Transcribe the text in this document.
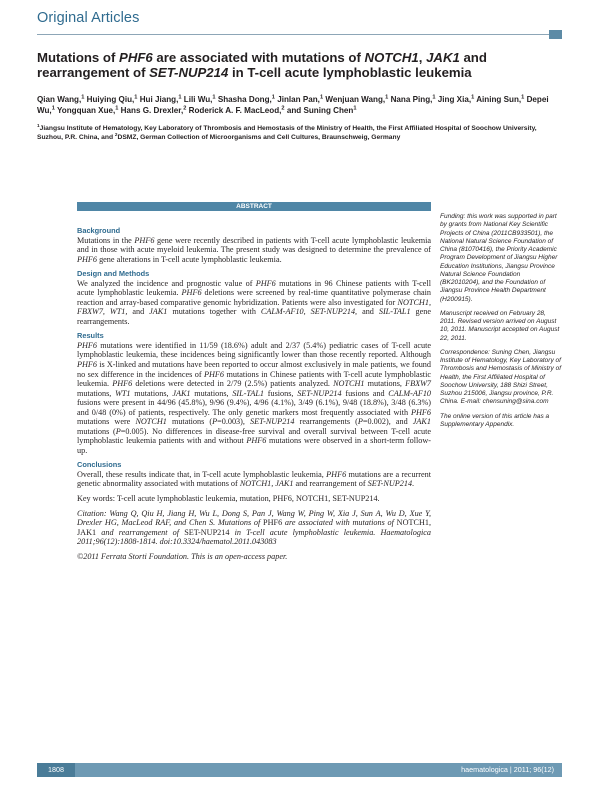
Original Articles
Mutations of PHF6 are associated with mutations of NOTCH1, JAK1 and rearrangement of SET-NUP214 in T-cell acute lymphoblastic leukemia
Qian Wang,$^1$ Huiying Qiu,$^1$ Hui Jiang,$^1$ Lili Wu,$^1$ Shasha Dong,$^1$ Jinlan Pan,$^1$ Wenjuan Wang,$^1$ Nana Ping,$^1$ Jing Xia,$^1$ Aining Sun,$^1$ Depei Wu,$^1$ Yongquan Xue,$^1$ Hans G. Drexler,$^2$ Roderick A. F. MacLeod,$^2$ and Suning Chen$^1$
$^1$Jiangsu Institute of Hematology, Key Laboratory of Thrombosis and Hemostasis of the Ministry of Health, the First Affiliated Hospital of Soochow University, Suzhou, P.R. China, and $^2$DSMZ, German Collection of Microorganisms and Cell Cultures, Braunschweig, Germany
ABSTRACT
Background

Mutations in the PHF6 gene were recently described in patients with T-cell acute lymphoblastic leukemia and in those with acute myeloid leukemia. The present study was designed to determine the prevalence of PHF6 gene alterations in T-cell acute lymphoblastic leukemia.

Design and Methods

We analyzed the incidence and prognostic value of PHF6 mutations in 96 Chinese patients with T-cell acute lymphoblastic leukemia. PHF6 deletions were screened by real-time quantitative polymerase chain reaction and array-based comparative genomic hybridization. Patients were also investigated for NOTCH1, FBXW7, WT1, and JAK1 mutations together with CALM-AF10, SET-NUP214, and SIL-TAL1 gene rearrangements.

Results

PHF6 mutations were identified in 11/59 (18.6%) adult and 2/37 (5.4%) pediatric cases of T-cell acute lymphoblastic leukemia, these incidences being significantly lower than those recently reported. Although PHF6 is X-linked and mutations have been reported to occur almost exclusively in male patients, we found no sex difference in the incidences of PHF6 mutations in Chinese patients with T-cell acute lymphoblastic leukemia. PHF6 deletions were detected in 2/79 (2.5%) patients analyzed. NOTCH1 mutations, FBXW7 mutations, WT1 mutations, JAK1 mutations, SIL-TAL1 fusions, SET-NUP214 fusions and CALM-AF10 fusions were present in 44/96 (45.8%), 9/96 (9.4%), 4/96 (4.1%), 3/49 (6.1%), 9/48 (18.8%), 3/48 (6.3%) and 0/48 (0%) of patients, respectively. The only genetic markers most frequently associated with PHF6 mutations were NOTCH1 mutations (P=0.003), SET-NUP214 rearrangements (P=0.002), and JAK1 mutations (P=0.005). No differences in disease-free survival and overall survival between T-cell acute lymphoblastic leukemia patients with and without PHF6 mutations were observed in a short-term follow-up.

Conclusions

Overall, these results indicate that, in T-cell acute lymphoblastic leukemia, PHF6 mutations are a recurrent genetic abnormality associated with mutations of NOTCH1, JAK1 and rearrangement of SET-NUP214.

Key words: T-cell acute lymphoblastic leukemia, mutation, PHF6, NOTCH1, SET-NUP214.

Citation: Wang Q, Qiu H, Jiang H, Wu L, Dong S, Pan J, Wang W, Ping W, Xia J, Sun A, Wu D, Xue Y, Drexler HG, MacLeod RAF, and Chen S. Mutations of PHF6 are associated with mutations of NOTCH1, JAK1 and rearrangement of SET-NUP214 in T-cell acute lymphoblastic leukemia. Haematologica 2011;96(12):1808-1814. doi:10.3324/haematol.2011.043083

©2011 Ferrata Storti Foundation. This is an open-access paper.

Funding: this work was supported in part by grants from National Key Scientific Projects of China (2011CB933501), the National Natural Science Foundation of China (81070416), the Priority Academic Program Development of Jiangsu Higher Education Institutions, Jiangsu Province Natural Science Foundation (BK2010204), and the Foundation of Jiangsu Province Health Department (H200915).

Manuscript received on February 28, 2011. Revised version arrived on August 10, 2011. Manuscript accepted on August 22, 2011.

Correspondence: Suning Chen, Jiangsu Institute of Hematology, Key Laboratory of Thrombosis and Hemostasis of Ministry of Health, the First Affiliated Hospital of Soochow University, 188 Shizi Street, Suzhou 215006, Jiangsu province, P.R. China. E-mail: chensuning@sina.com

The online version of this article has a Supplementary Appendix.

1808	haematologica | 2011; 96(12)
